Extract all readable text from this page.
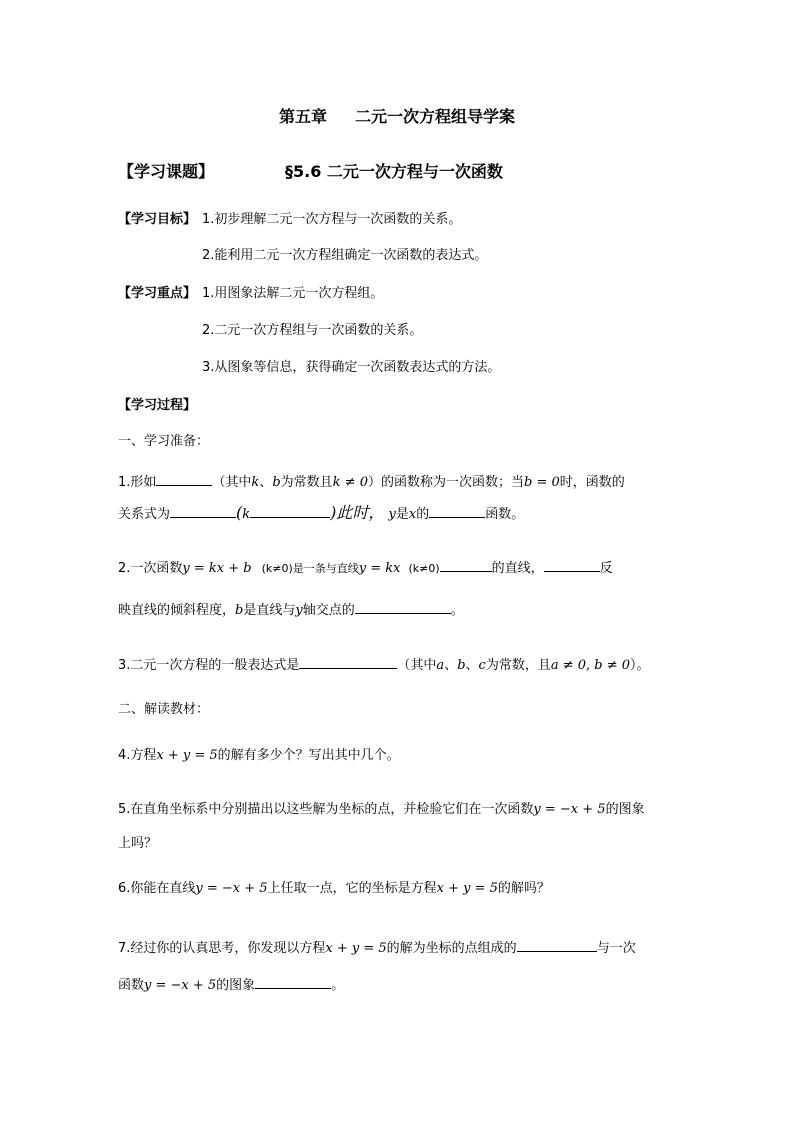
第五章 二元一次方程组导学案
【学习课题】	§5.6 二元一次方程与一次函数
【学习目标】 1.初步理解二元一次方程与一次函数的关系。
2.能利用二元一次方程组确定一次函数的表达式。
【学习重点】 1.用图象法解二元一次方程组。
2.二元一次方程组与一次函数的关系。
3.从图象等信息，获得确定一次函数表达式的方法。
【学习过程】
一、学习准备：
1.形如	（其中k、b为常数且k ≠ 0）的函数称为一次函数；当b = 0时，函数的
关系式为	(k	)此时， y是x的	函数。
2.一次函数y = kx + b (k≠0)是一条与直线y = kx (k≠0)	的直线，	反
映直线的倾斜程度，b是直线与y轴交点的	。
3.二元一次方程的一般表达式是	（其中a、b、c为常数，且a ≠ 0, b ≠ 0）。
二、解读教材：
4.方程x + y = 5的解有多少个？写出其中几个。
5.在直角坐标系中分别描出以这些解为坐标的点，并检验它们在一次函数y = −x + 5的图象
上吗？
6.你能在直线y = −x + 5上任取一点，它的坐标是方程x + y = 5的解吗？
7.经过你的认真思考，你发现以方程x + y = 5的解为坐标的点组成的	与一次
函数y = −x + 5的图象	。
